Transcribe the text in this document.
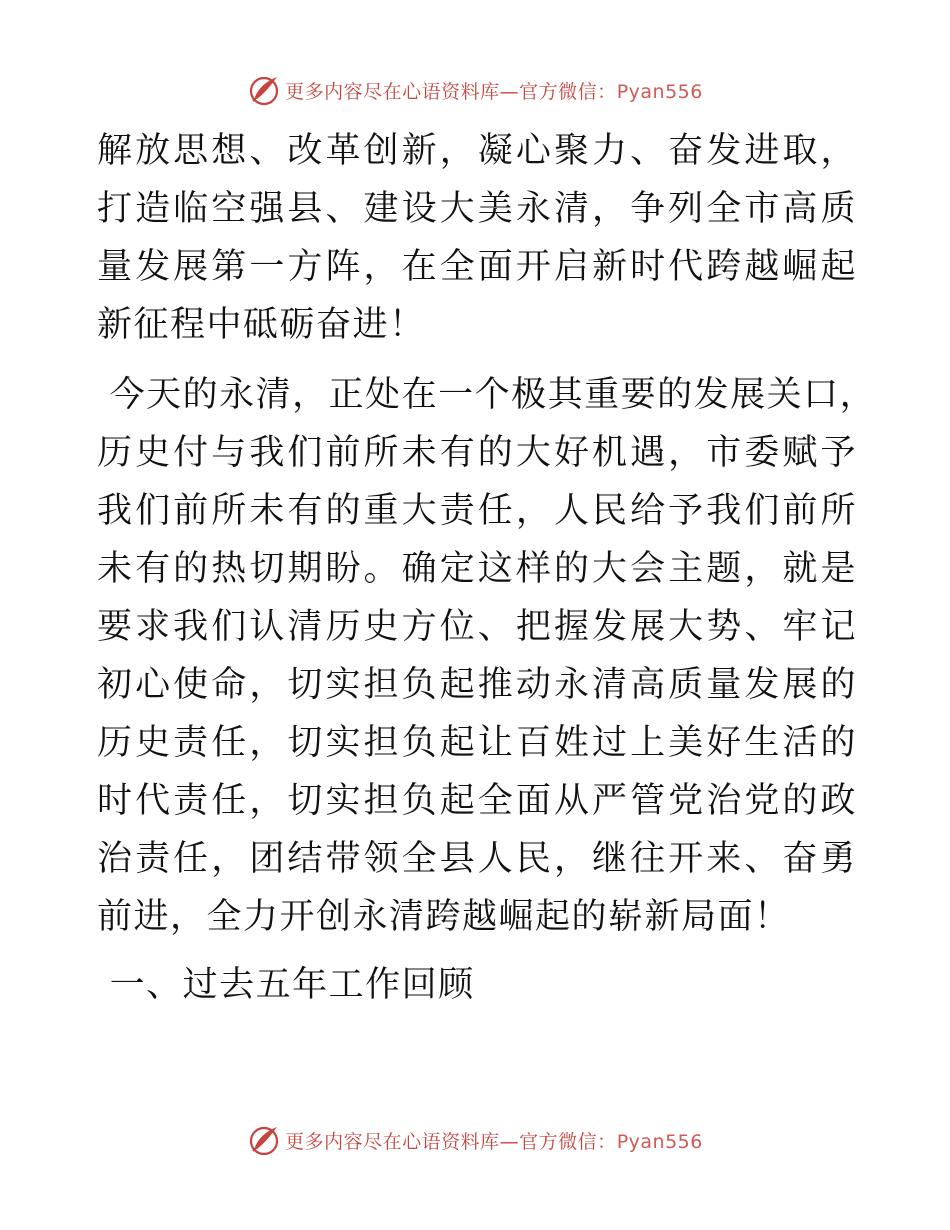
更多内容尽在心语资料库—官方微信：Pyan556

解放思想、改革创新，凝心聚力、奋发进取，打造临空强县、建设大美永清，争列全市高质量发展第一方阵，在全面开启新时代跨越崛起新征程中砥砺奋进！

今天的永清，正处在一个极其重要的发展关口，

历史付与我们前所未有的大好机遇，市委赋予我们前所未有的重大责任，人民给予我们前所未有的热切期盼。确定这样的大会主题，就是要求我们认清历史方位、把握发展大势、牢记初心使命，切实担负起推动永清高质量发展的历史责任，切实担负起让百姓过上美好生活的时代责任，切实担负起全面从严管党治党的政治责任，团结带领全县人民，继往开来、奋勇前进，全力开创永清跨越崛起的崭新局面！

一、过去五年工作回顾

更多内容尽在心语资料库—官方微信：Pyan556
